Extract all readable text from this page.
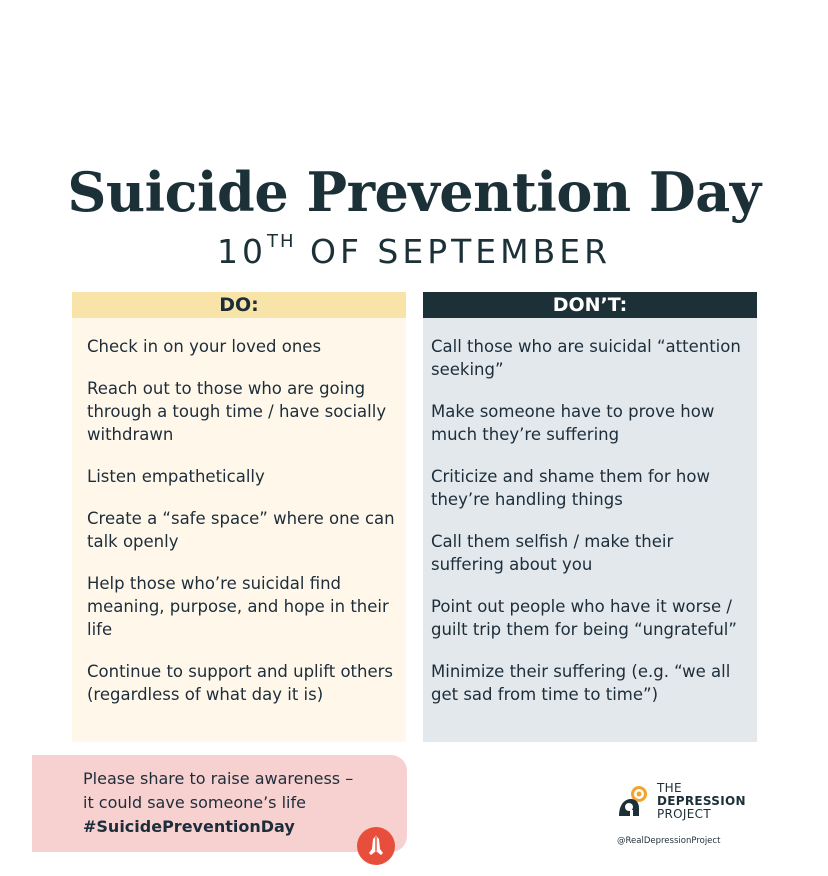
Suicide Prevention Day
10TH OF SEPTEMBER
DO:
Check in on your loved ones
Reach out to those who are going through a tough time / have socially withdrawn
Listen empathetically
Create a “safe space” where one can talk openly
Help those who’re suicidal find meaning, purpose, and hope in their life
Continue to support and uplift others (regardless of what day it is)
DON’T:
Call those who are suicidal “attention seeking”
Make someone have to prove how much they’re suffering
Criticize and shame them for how they’re handling things
Call them selfish / make their suffering about you
Point out people who have it worse / guilt trip them for being “ungrateful”
Minimize their suffering (e.g. “we all get sad from time to time”)
Please share to raise awareness –
it could save someone’s life
#SuicidePreventionDay
THE
DEPRESSION
PROJECT
@RealDepressionProject
